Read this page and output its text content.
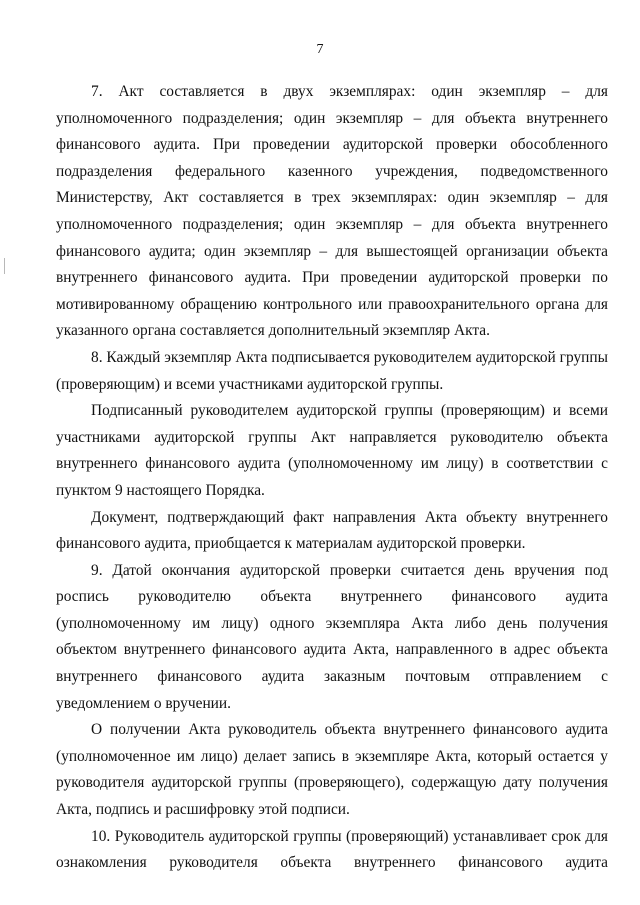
7

7. Акт составляется в двух экземплярах: один экземпляр – для уполномоченного подразделения; один экземпляр – для объекта внутреннего финансового аудита. При проведении аудиторской проверки обособленного подразделения федерального казенного учреждения, подведомственного Министерству, Акт составляется в трех экземплярах: один экземпляр – для уполномоченного подразделения; один экземпляр – для объекта внутреннего финансового аудита; один экземпляр – для вышестоящей организации объекта внутреннего финансового аудита. При проведении аудиторской проверки по мотивированному обращению контрольного или правоохранительного органа для указанного органа составляется дополнительный экземпляр Акта.

8. Каждый экземпляр Акта подписывается руководителем аудиторской группы (проверяющим) и всеми участниками аудиторской группы.

Подписанный руководителем аудиторской группы (проверяющим) и всеми участниками аудиторской группы Акт направляется руководителю объекта внутреннего финансового аудита (уполномоченному им лицу) в соответствии с пунктом 9 настоящего Порядка.

Документ, подтверждающий факт направления Акта объекту внутреннего финансового аудита, приобщается к материалам аудиторской проверки.

9. Датой окончания аудиторской проверки считается день вручения под роспись руководителю объекта внутреннего финансового аудита (уполномоченному им лицу) одного экземпляра Акта либо день получения объектом внутреннего финансового аудита Акта, направленного в адрес объекта внутреннего финансового аудита заказным почтовым отправлением с уведомлением о вручении.

О получении Акта руководитель объекта внутреннего финансового аудита (уполномоченное им лицо) делает запись в экземпляре Акта, который остается у руководителя аудиторской группы (проверяющего), содержащую дату получения Акта, подпись и расшифровку этой подписи.

10. Руководитель аудиторской группы (проверяющий) устанавливает срок для ознакомления руководителя объекта внутреннего финансового аудита
